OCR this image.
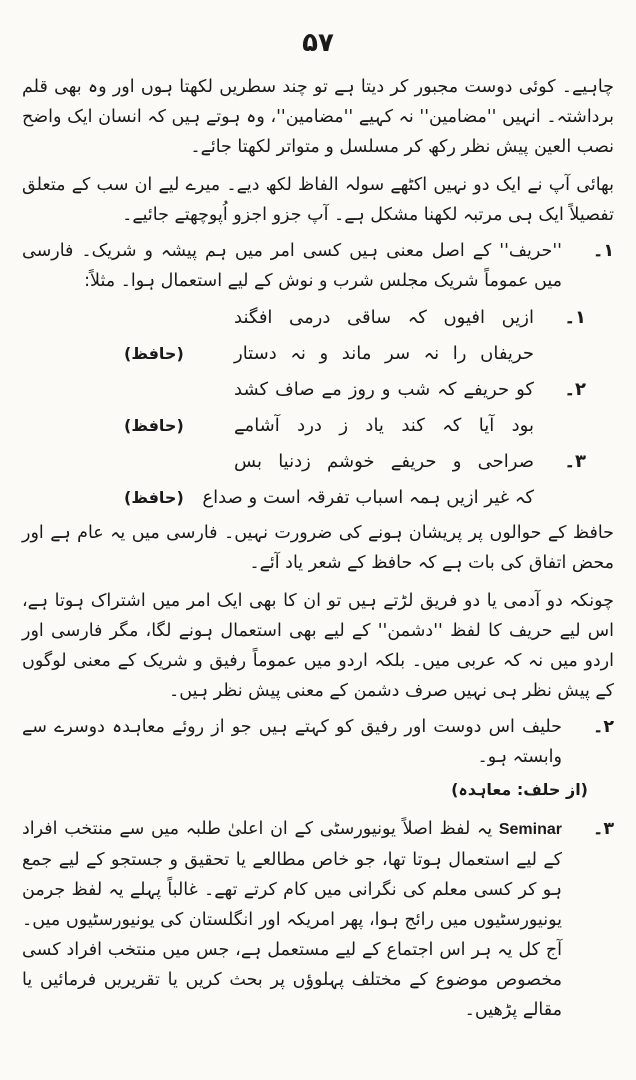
۵۷

چاہیے۔ کوئی دوست مجبور کر دیتا ہے تو چند سطریں لکھتا ہوں اور وہ بھی قلم برداشتہ۔ انہیں ''مضامین'' نہ کہیے ''مضامین''، وہ ہوتے ہیں کہ انسان ایک واضح نصب العین پیش نظر رکھ کر مسلسل و متواتر لکھتا جائے۔

بھائی آپ نے ایک دو نہیں اکٹھے سولہ الفاظ لکھ دیے۔ میرے لیے ان سب کے متعلق تفصیلاً ایک ہی مرتبہ لکھنا مشکل ہے۔ آپ جزو اجزو اُپوچھتے جائیے۔

۱۔
''حریف'' کے اصل معنی ہیں کسی امر میں ہم پیشہ و شریک۔ فارسی میں عموماً شریک مجلس شرب و نوش کے لیے استعمال ہوا۔ مثلاً:
۱۔
ازیں افیوں کہ ساقی درمی افگند
حریفاں را نہ سر ماند و نہ دستار
(حافظ)
۲۔
کو حریفے کہ شب و روز مے صاف کشد
بود آیا کہ کند یاد ز درد آشامے
(حافظ)
۳۔
صراحی و حریفے خوشم زدنیا بس
کہ غیر ازیں ہمہ اسباب تفرقہ است و صداع
(حافظ)

حافظ کے حوالوں پر پریشان ہونے کی ضرورت نہیں۔ فارسی میں یہ عام ہے اور محض اتفاق کی بات ہے کہ حافظ کے شعر یاد آئے۔

چونکہ دو آدمی یا دو فریق لڑتے ہیں تو ان کا بھی ایک امر میں اشتراک ہوتا ہے، اس لیے حریف کا لفظ ''دشمن'' کے لیے بھی استعمال ہونے لگا، مگر فارسی اور اردو میں نہ کہ عربی میں۔ بلکہ اردو میں عموماً رفیق و شریک کے معنی لوگوں کے پیش نظر ہی نہیں صرف دشمن کے معنی پیش نظر ہیں۔

۲۔
حلیف اس دوست اور رفیق کو کہتے ہیں جو از روئے معاہدہ دوسرے سے وابستہ ہو۔
(از حلف: معاہدہ)
۳۔
Seminar یہ لفظ اصلاً یونیورسٹی کے ان اعلیٰ طلبہ میں سے منتخب افراد کے لیے استعمال ہوتا تھا، جو خاص مطالعے یا تحقیق و جستجو کے لیے جمع ہو کر کسی معلم کی نگرانی میں کام کرتے تھے۔ غالباً پہلے یہ لفظ جرمن یونیورسٹیوں میں رائج ہوا، پھر امریکہ اور انگلستان کی یونیورسٹیوں میں۔ آج کل یہ ہر اس اجتماع کے لیے مستعمل ہے، جس میں منتخب افراد کسی مخصوص موضوع کے مختلف پہلوؤں پر بحث کریں یا تقریریں فرمائیں یا مقالے پڑھیں۔
